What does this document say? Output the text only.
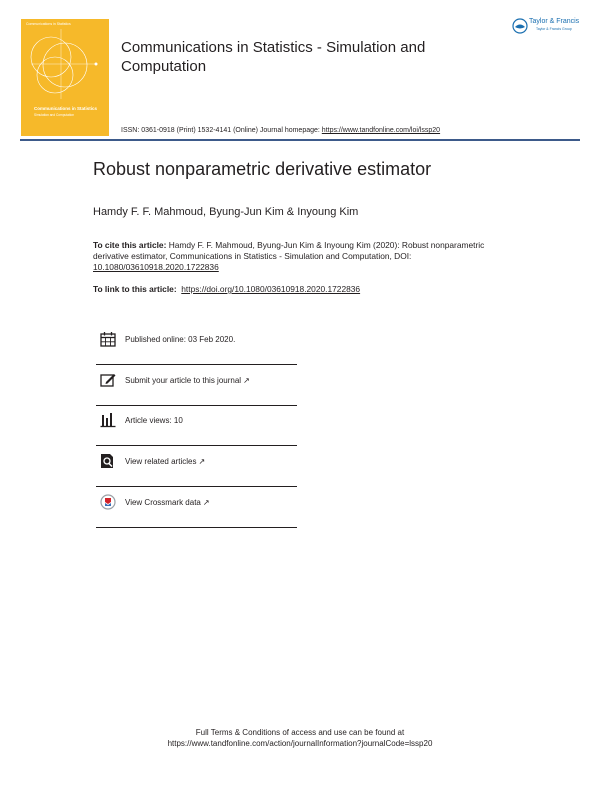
Communications in Statistics
Communications in Statistics
Simulation and Computation
Taylor & Francis
Communications in Statistics - Simulation and Computation
ISSN: 0361-0918 (Print) 1532-4141 (Online) Journal homepage: https://www.tandfonline.com/loi/lssp20
Taylor & Francis
Taylor & Francis Group
Robust nonparametric derivative estimator
Hamdy F. F. Mahmoud, Byung-Jun Kim & Inyoung Kim
To cite this article: Hamdy F. F. Mahmoud, Byung-Jun Kim & Inyoung Kim (2020): Robust nonparametric derivative estimator, Communications in Statistics - Simulation and Computation, DOI: 10.1080/03610918.2020.1722836
To link to this article: https://doi.org/10.1080/03610918.2020.1722836
Published online: 03 Feb 2020.
Submit your article to this journal ↗
Article views: 10
View related articles ↗
View Crossmark data ↗
Full Terms & Conditions of access and use can be found at
https://www.tandfonline.com/action/journalInformation?journalCode=lssp20
